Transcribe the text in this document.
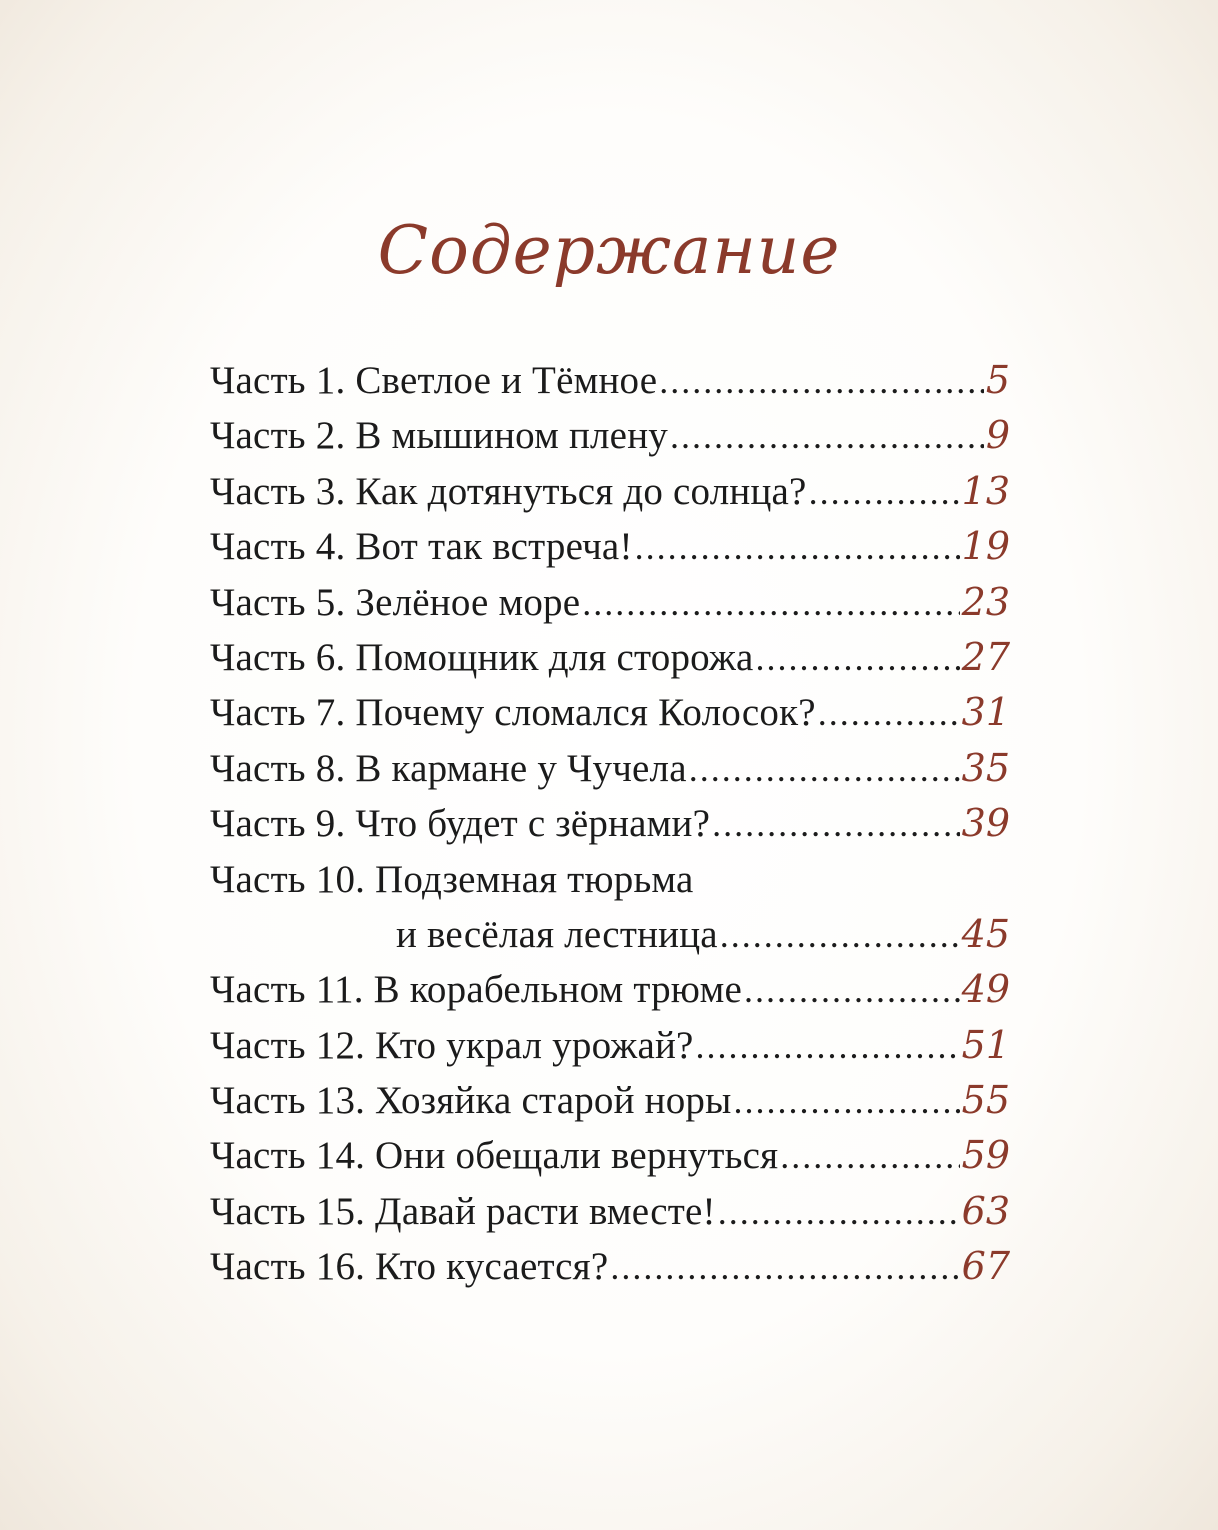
Содержание
Часть 1. Светлое и Тёмное .....	5
Часть 2. В мышином плену .....	9
Часть 3. Как дотянуться до солнца? .....	13
Часть 4. Вот так встреча! .....	19
Часть 5. Зелёное море .....	23
Часть 6. Помощник для сторожа .....	27
Часть 7. Почему сломался Колосок? .....	31
Часть 8. В кармане у Чучела .....	35
Часть 9. Что будет с зёрнами? .....	39
Часть 10. Подземная тюрьма
и весёлая лестница .....	45
Часть 11. В корабельном трюме .....	49
Часть 12. Кто украл урожай? .....	51
Часть 13. Хозяйка старой норы .....	55
Часть 14. Они обещали вернуться .....	59
Часть 15. Давай расти вместе! .....	63
Часть 16. Кто кусается? .....	67
